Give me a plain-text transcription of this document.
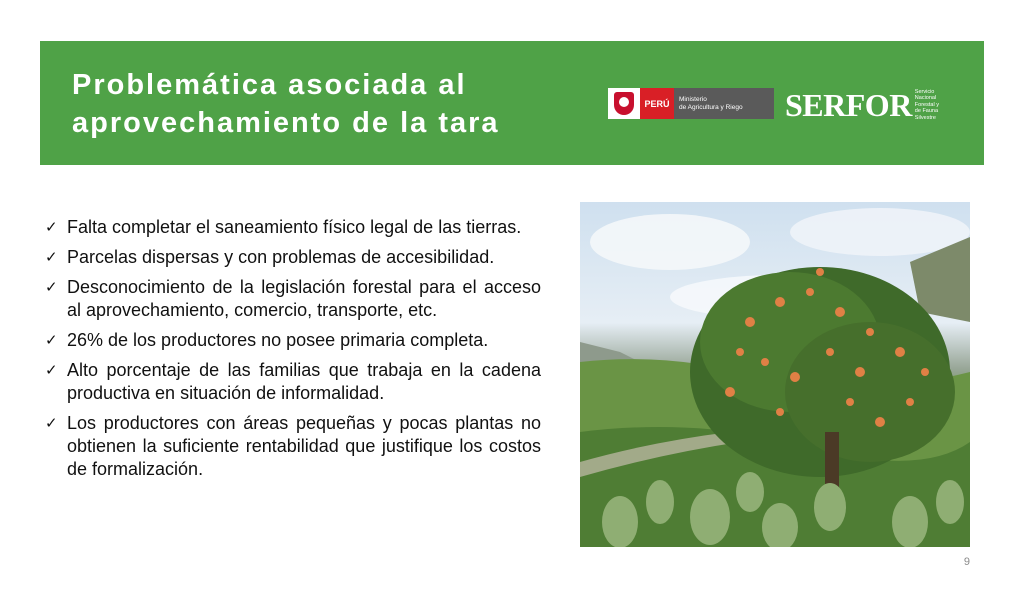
Problemática asociada al
aprovechamiento de la tara
PERÚ	Ministerio
de Agricultura y Riego	SERFOR Servicio
Nacional
Forestal y
de Fauna
Silvestre
✓ Falta completar el saneamiento físico legal de las tierras.
✓ Parcelas dispersas y con problemas de accesibilidad.
✓ Desconocimiento de la legislación forestal para el acceso al aprovechamiento, comercio, transporte, etc.
✓ 26% de los productores no posee primaria completa.
✓ Alto porcentaje de las familias que trabaja en la cadena productiva en situación de informalidad.
✓ Los productores con áreas pequeñas y pocas plantas no obtienen la suficiente rentabilidad que justifique los costos de formalización.
9
